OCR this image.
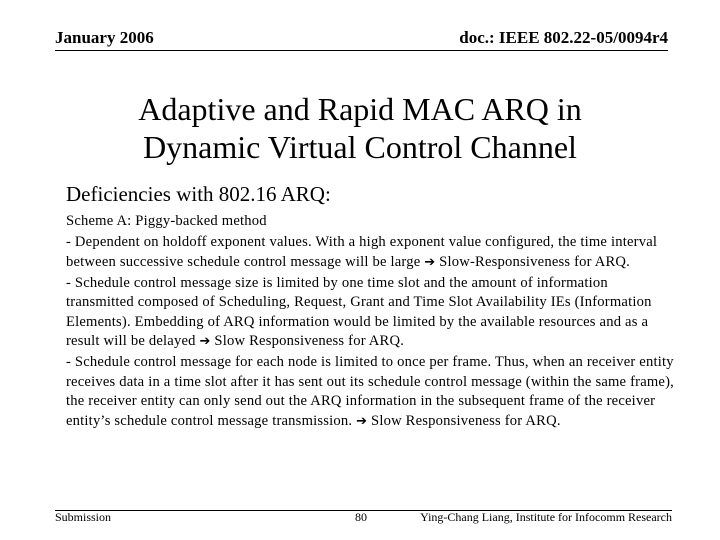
January 2006	doc.: IEEE 802.22-05/0094r4
Adaptive and Rapid MAC ARQ in
Dynamic Virtual Control Channel
Deficiencies with 802.16 ARQ:

Scheme A: Piggy-backed method

- Dependent on holdoff exponent values. With a high exponent value configured, the time interval between successive schedule control message will be large ➔ Slow-Responsiveness for ARQ.

- Schedule control message size is limited by one time slot and the amount of information transmitted composed of Scheduling, Request, Grant and Time Slot Availability IEs (Information Elements). Embedding of ARQ information would be limited by the available resources and as a result will be delayed ➔ Slow Responsiveness for ARQ.

- Schedule control message for each node is limited to once per frame. Thus, when an receiver entity receives data in a time slot after it has sent out its schedule control message (within the same frame), the receiver entity can only send out the ARQ information in the subsequent frame of the receiver entity’s schedule control message transmission. ➔ Slow Responsiveness for ARQ.

Submission	80	Ying-Chang Liang, Institute for Infocomm Research
